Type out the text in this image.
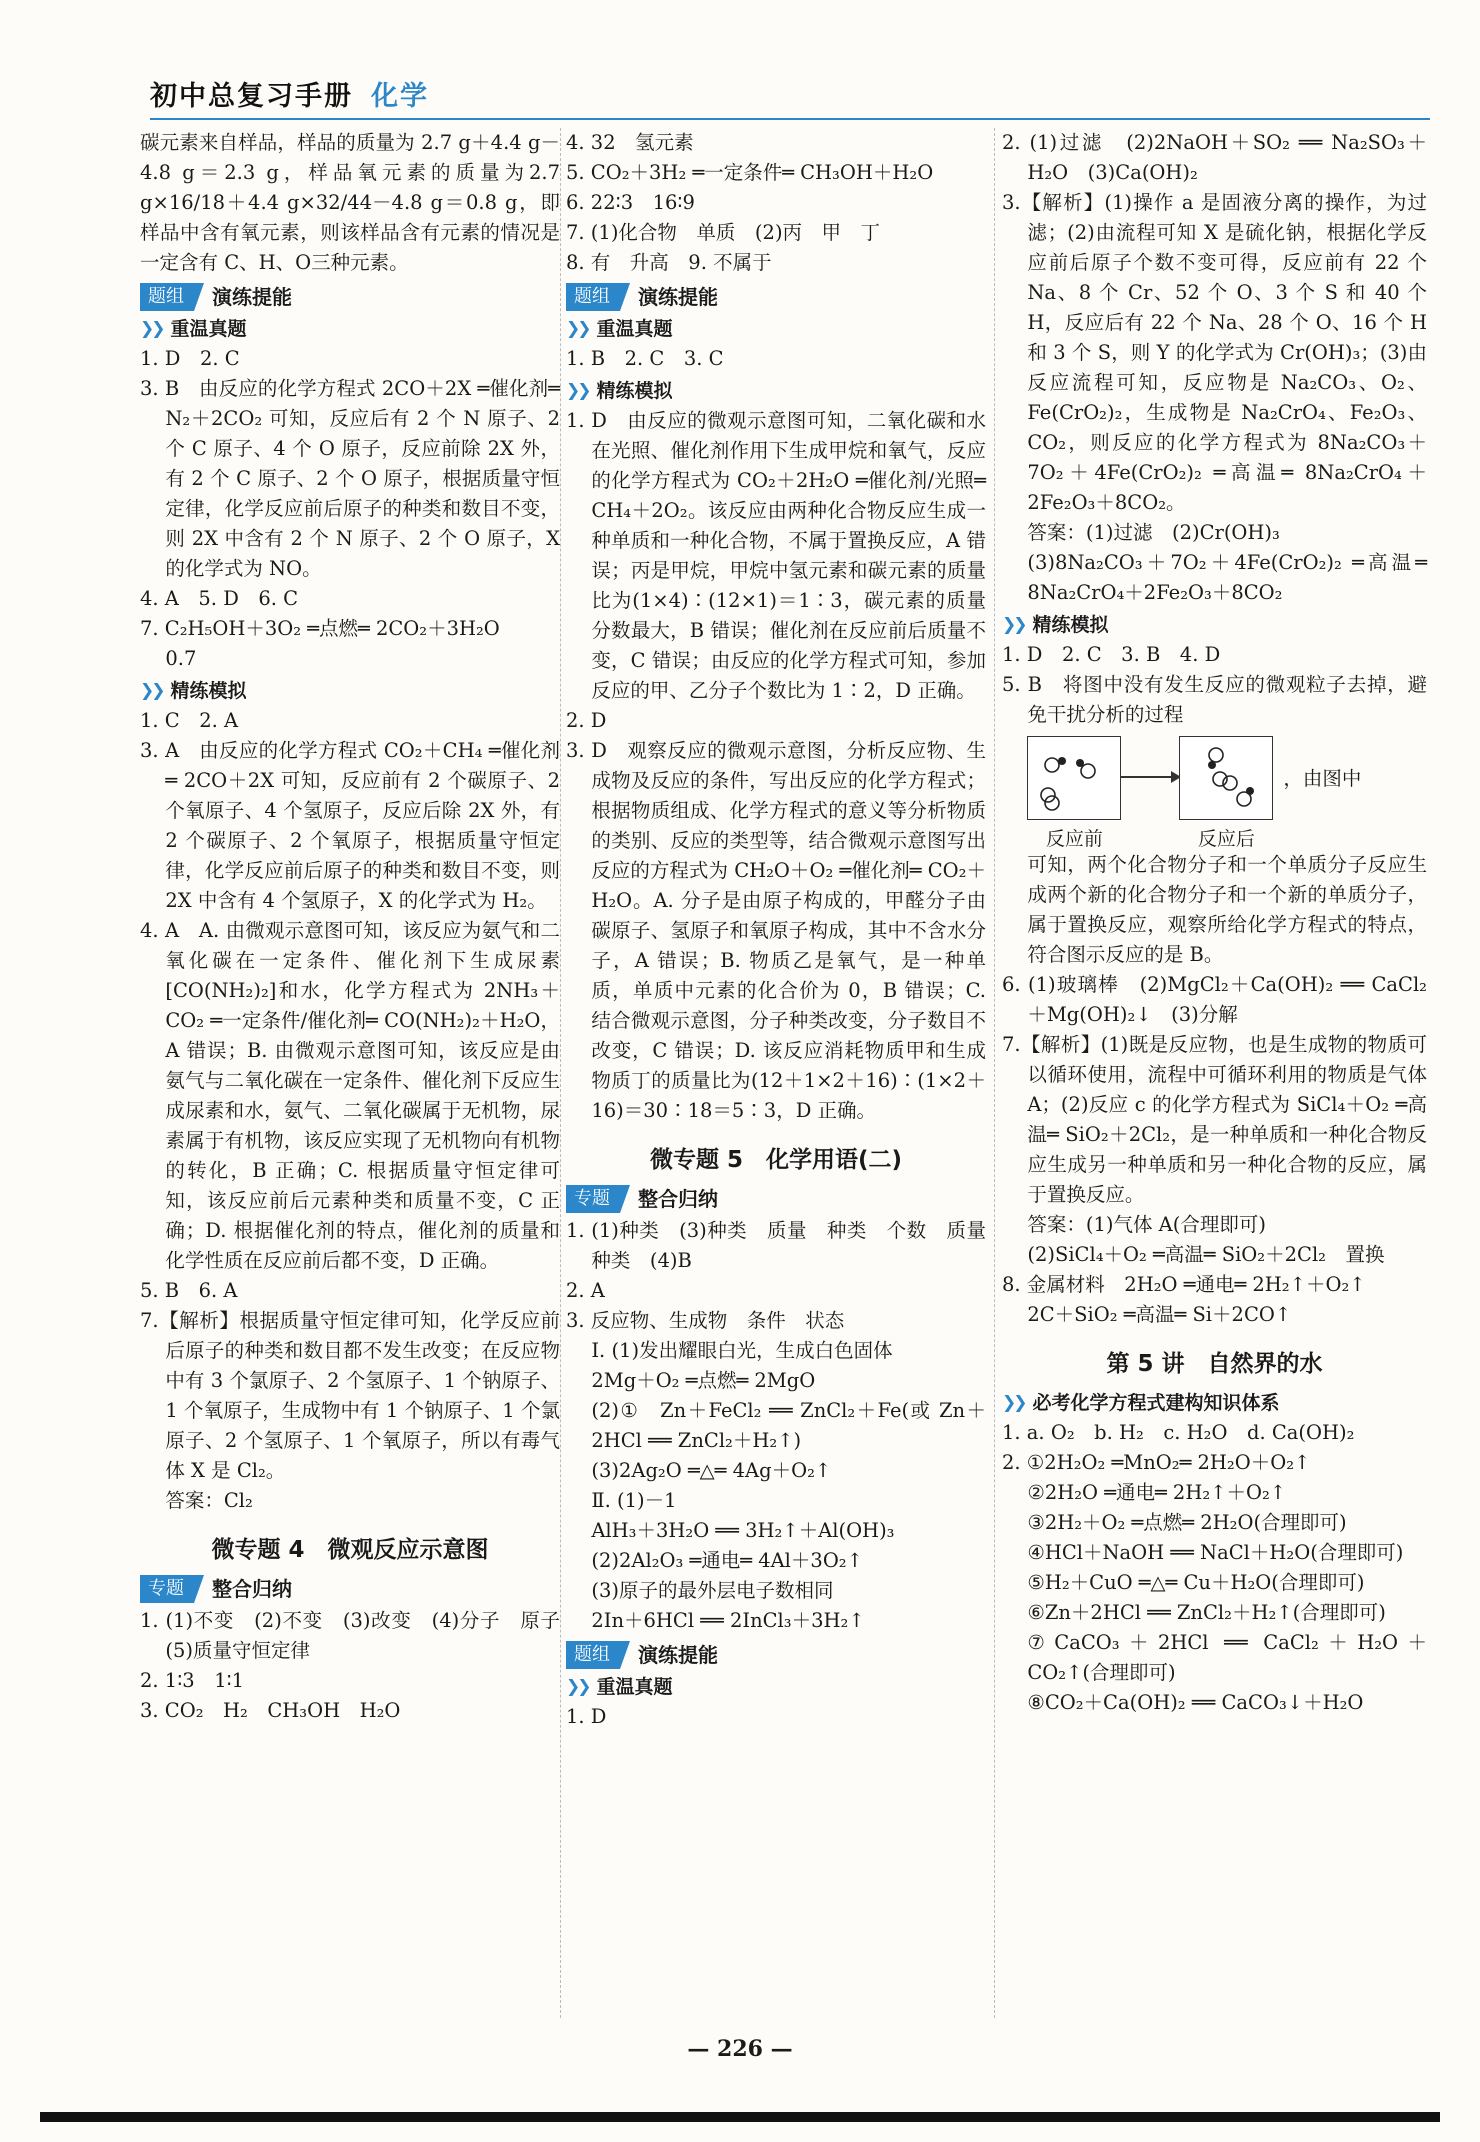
初中总复习手册 化学

碳元素来自样品，样品的质量为 2.7 g＋4.4 g－4.8 g＝2.3 g，样品氧元素的质量为2.7 g×16/18＋4.4 g×32/44－4.8 g＝0.8 g，即样品中含有氧元素，则该样品含有元素的情况是一定含有 C、H、O三种元素。

题组	演练提能
❯❯ 重温真题

1. D　2. C

3. B　由反应的化学方程式 2CO＋2X ═催化剂═ N₂＋2CO₂ 可知，反应后有 2 个 N 原子、2 个 C 原子、4 个 O 原子，反应前除 2X 外，有 2 个 C 原子、2 个 O 原子，根据质量守恒定律，化学反应前后原子的种类和数目不变，则 2X 中含有 2 个 N 原子、2 个 O 原子，X 的化学式为 NO。

4. A　5. D　6. C

7. C₂H₅OH＋3O₂ ═点燃═ 2CO₂＋3H₂O

0.7

❯❯ 精练模拟

1. C　2. A

3. A　由反应的化学方程式 CO₂＋CH₄ ═催化剂═ 2CO＋2X 可知，反应前有 2 个碳原子、2 个氧原子、4 个氢原子，反应后除 2X 外，有 2 个碳原子、2 个氧原子，根据质量守恒定律，化学反应前后原子的种类和数目不变，则 2X 中含有 4 个氢原子，X 的化学式为 H₂。

4. A　A. 由微观示意图可知，该反应为氨气和二氧化碳在一定条件、催化剂下生成尿素[CO(NH₂)₂]和水，化学方程式为 2NH₃＋CO₂ ═一定条件/催化剂═ CO(NH₂)₂＋H₂O，A 错误；B. 由微观示意图可知，该反应是由氨气与二氧化碳在一定条件、催化剂下反应生成尿素和水，氨气、二氧化碳属于无机物，尿素属于有机物，该反应实现了无机物向有机物的转化，B 正确；C. 根据质量守恒定律可知，该反应前后元素种类和质量不变，C 正确；D. 根据催化剂的特点，催化剂的质量和化学性质在反应前后都不变，D 正确。

5. B　6. A

7.【解析】根据质量守恒定律可知，化学反应前后原子的种类和数目都不发生改变；在反应物中有 3 个氯原子、2 个氢原子、1 个钠原子、1 个氧原子，生成物中有 1 个钠原子、1 个氯原子、2 个氢原子、1 个氧原子，所以有毒气体 X 是 Cl₂。

答案：Cl₂

微专题 4　微观反应示意图
专题	整合归纳

1. (1)不变　(2)不变　(3)改变　(4)分子　原子　(5)质量守恒定律

2. 1∶3　1∶1

3. CO₂　H₂　CH₃OH　H₂O

4. 32　氢元素

5. CO₂＋3H₂ ═一定条件═ CH₃OH＋H₂O

6. 22∶3　16∶9

7. (1)化合物　单质　(2)丙　甲　丁

8. 有　升高　9. 不属于

题组	演练提能
❯❯ 重温真题

1. B　2. C　3. C

❯❯ 精练模拟

1. D　由反应的微观示意图可知，二氧化碳和水在光照、催化剂作用下生成甲烷和氧气，反应的化学方程式为 CO₂＋2H₂O ═催化剂/光照═ CH₄＋2O₂。该反应由两种化合物反应生成一种单质和一种化合物，不属于置换反应，A 错误；丙是甲烷，甲烷中氢元素和碳元素的质量比为(1×4)∶(12×1)＝1∶3，碳元素的质量分数最大，B 错误；催化剂在反应前后质量不变，C 错误；由反应的化学方程式可知，参加反应的甲、乙分子个数比为 1∶2，D 正确。

2. D

3. D　观察反应的微观示意图，分析反应物、生成物及反应的条件，写出反应的化学方程式；根据物质组成、化学方程式的意义等分析物质的类别、反应的类型等，结合微观示意图写出反应的方程式为 CH₂O＋O₂ ═催化剂═ CO₂＋H₂O。A. 分子是由原子构成的，甲醛分子由碳原子、氢原子和氧原子构成，其中不含水分子，A 错误；B. 物质乙是氧气，是一种单质，单质中元素的化合价为 0，B 错误；C. 结合微观示意图，分子种类改变，分子数目不改变，C 错误；D. 该反应消耗物质甲和生成物质丁的质量比为(12＋1×2＋16)∶(1×2＋16)＝30∶18＝5∶3，D 正确。

微专题 5　化学用语(二)
专题	整合归纳

1. (1)种类　(3)种类　质量　种类　个数　质量　种类　(4)B

2. A

3. 反应物、生成物　条件　状态

Ⅰ. (1)发出耀眼白光，生成白色固体

2Mg＋O₂ ═点燃═ 2MgO

(2)①　Zn＋FeCl₂ ══ ZnCl₂＋Fe(或 Zn＋2HCl ══ ZnCl₂＋H₂↑)

(3)2Ag₂O ═△═ 4Ag＋O₂↑

Ⅱ. (1)－1

AlH₃＋3H₂O ══ 3H₂↑＋Al(OH)₃

(2)2Al₂O₃ ═通电═ 4Al＋3O₂↑

(3)原子的最外层电子数相同

2In＋6HCl ══ 2InCl₃＋3H₂↑

题组	演练提能
❯❯ 重温真题

1. D

2. (1)过滤　(2)2NaOH＋SO₂ ══ Na₂SO₃＋H₂O　(3)Ca(OH)₂

3.【解析】(1)操作 a 是固液分离的操作，为过滤；(2)由流程可知 X 是硫化钠，根据化学反应前后原子个数不变可得，反应前有 22 个 Na、8 个 Cr、52 个 O、3 个 S 和 40 个 H，反应后有 22 个 Na、28 个 O、16 个 H 和 3 个 S，则 Y 的化学式为 Cr(OH)₃；(3)由反应流程可知，反应物是 Na₂CO₃、O₂、Fe(CrO₂)₂，生成物是 Na₂CrO₄、Fe₂O₃、CO₂，则反应的化学方程式为 8Na₂CO₃＋7O₂＋4Fe(CrO₂)₂ ═高温═ 8Na₂CrO₄＋2Fe₂O₃＋8CO₂。

答案：(1)过滤　(2)Cr(OH)₃

(3)8Na₂CO₃＋7O₂＋4Fe(CrO₂)₂ ═高温═ 8Na₂CrO₄＋2Fe₂O₃＋8CO₂

❯❯ 精练模拟

1. D　2. C　3. B　4. D

5. B　将图中没有发生反应的微观粒子去掉，避免干扰分析的过程

反应前	反应后
，由图中

可知，两个化合物分子和一个单质分子反应生成两个新的化合物分子和一个新的单质分子，属于置换反应，观察所给化学方程式的特点，符合图示反应的是 B。

6. (1)玻璃棒　(2)MgCl₂＋Ca(OH)₂ ══ CaCl₂＋Mg(OH)₂↓　(3)分解

7.【解析】(1)既是反应物，也是生成物的物质可以循环使用，流程中可循环利用的物质是气体 A；(2)反应 c 的化学方程式为 SiCl₄＋O₂ ═高温═ SiO₂＋2Cl₂，是一种单质和一种化合物反应生成另一种单质和另一种化合物的反应，属于置换反应。

答案：(1)气体 A(合理即可)

(2)SiCl₄＋O₂ ═高温═ SiO₂＋2Cl₂　置换

8. 金属材料　2H₂O ═通电═ 2H₂↑＋O₂↑

2C＋SiO₂ ═高温═ Si＋2CO↑

第 5 讲　自然界的水
❯❯ 必考化学方程式建构知识体系

1. a. O₂　b. H₂　c. H₂O　d. Ca(OH)₂

2. ①2H₂O₂ ═MnO₂═ 2H₂O＋O₂↑

②2H₂O ═通电═ 2H₂↑＋O₂↑

③2H₂＋O₂ ═点燃═ 2H₂O(合理即可)

④HCl＋NaOH ══ NaCl＋H₂O(合理即可)

⑤H₂＋CuO ═△═ Cu＋H₂O(合理即可)

⑥Zn＋2HCl ══ ZnCl₂＋H₂↑(合理即可)

⑦CaCO₃＋2HCl ══ CaCl₂＋H₂O＋CO₂↑(合理即可)

⑧CO₂＋Ca(OH)₂ ══ CaCO₃↓＋H₂O

— 226 —
